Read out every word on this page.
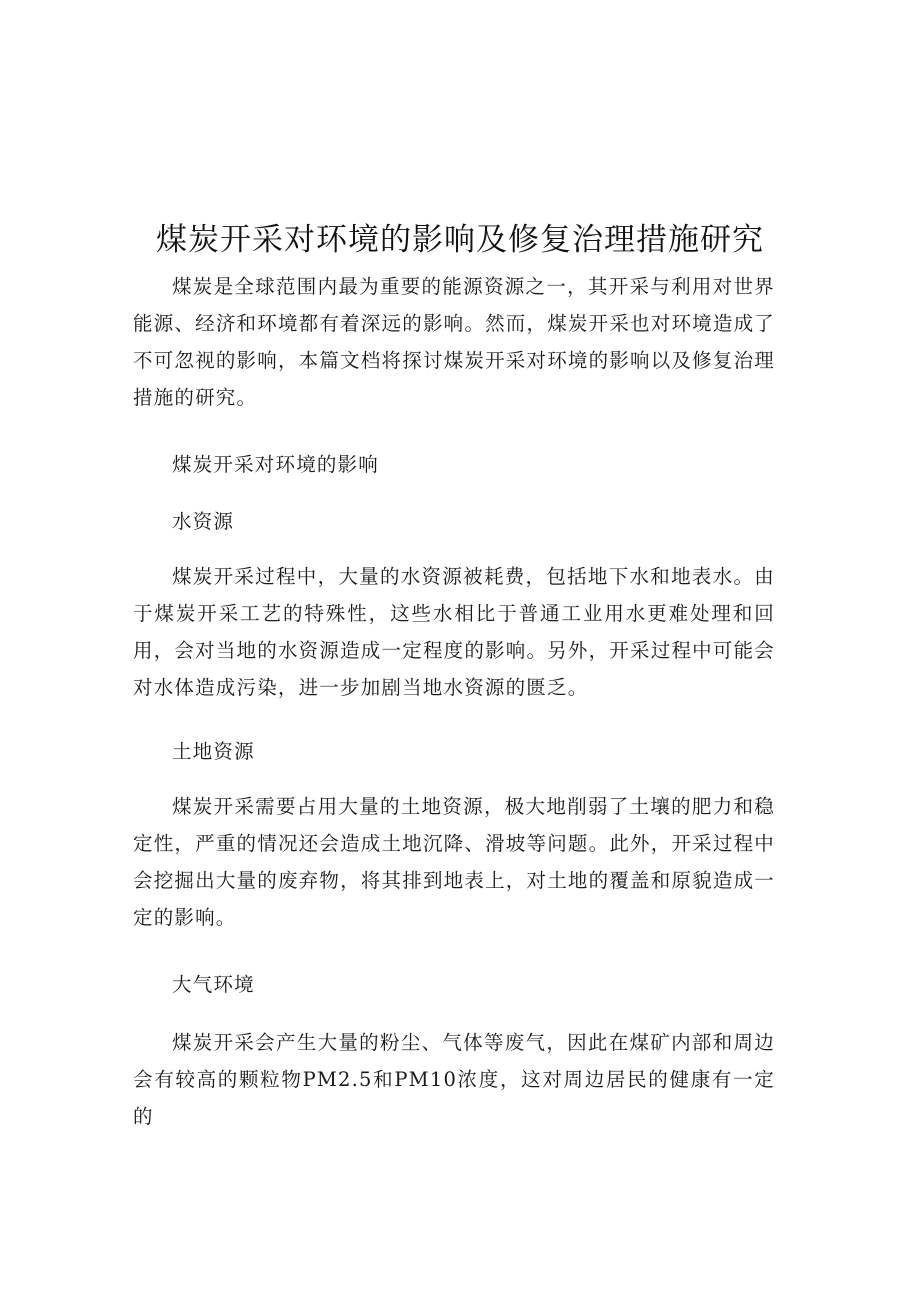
煤炭开采对环境的影响及修复治理措施研究

煤炭是全球范围内最为重要的能源资源之一，其开采与利用对世界能源、经济和环境都有着深远的影响。然而，煤炭开采也对环境造成了不可忽视的影响，本篇文档将探讨煤炭开采对环境的影响以及修复治理措施的研究。

煤炭开采对环境的影响
水资源

煤炭开采过程中，大量的水资源被耗费，包括地下水和地表水。由于煤炭开采工艺的特殊性，这些水相比于普通工业用水更难处理和回用，会对当地的水资源造成一定程度的影响。另外，开采过程中可能会对水体造成污染，进一步加剧当地水资源的匮乏。

土地资源

煤炭开采需要占用大量的土地资源，极大地削弱了土壤的肥力和稳定性，严重的情况还会造成土地沉降、滑坡等问题。此外，开采过程中会挖掘出大量的废弃物，将其排到地表上，对土地的覆盖和原貌造成一定的影响。

大气环境

煤炭开采会产生大量的粉尘、气体等废气，因此在煤矿内部和周边会有较高的颗粒物PM2.5和PM10浓度，这对周边居民的健康有一定的
